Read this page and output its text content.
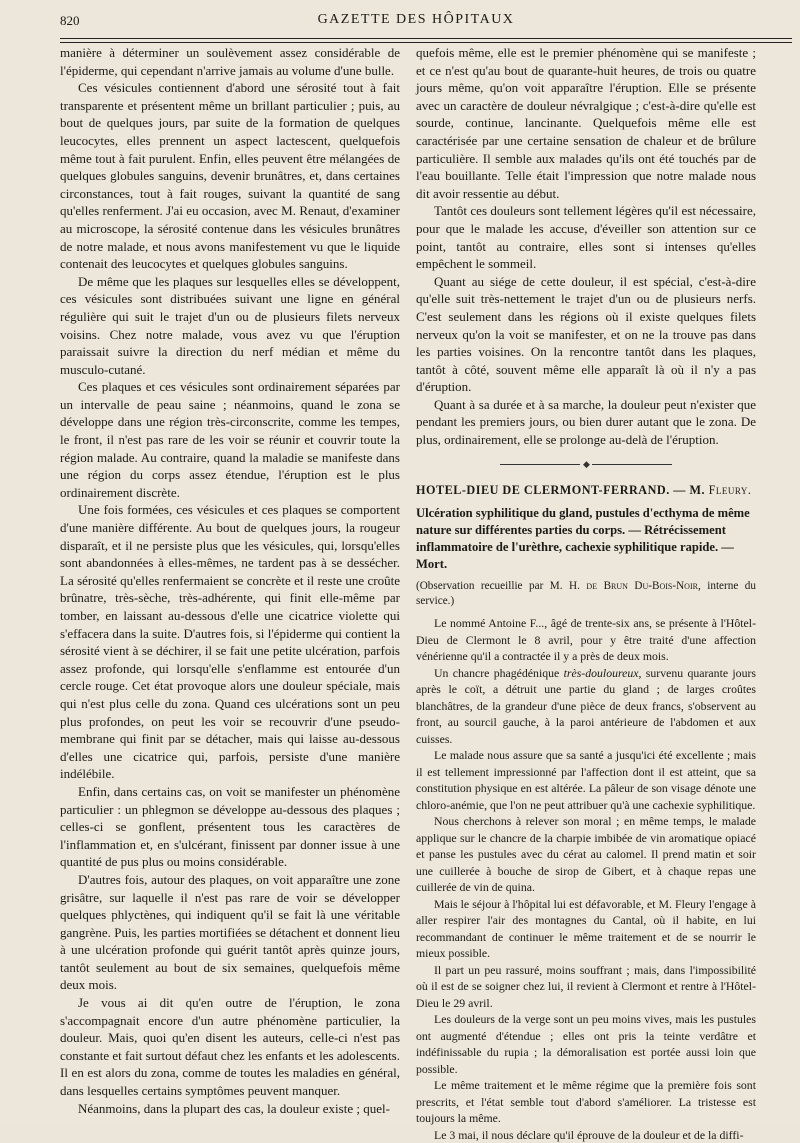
820	GAZETTE DES HÔPITAUX

manière à déterminer un soulèvement assez considérable de l'épiderme, qui cependant n'arrive jamais au volume d'une bulle.

Ces vésicules contiennent d'abord une sérosité tout à fait transparente et présentent même un brillant particulier ; puis, au bout de quelques jours, par suite de la formation de quelques leucocytes, elles prennent un aspect lactescent, quelquefois même tout à fait purulent. Enfin, elles peuvent être mélangées de quelques globules sanguins, devenir brunâtres, et, dans certaines circonstances, tout à fait rouges, suivant la quantité de sang qu'elles renferment. J'ai eu occasion, avec M. Renaut, d'examiner au microscope, la sérosité contenue dans les vésicules brunâtres de notre malade, et nous avons manifestement vu que le liquide contenait des leucocytes et quelques globules sanguins.

De même que les plaques sur lesquelles elles se développent, ces vésicules sont distribuées suivant une ligne en général régulière qui suit le trajet d'un ou de plusieurs filets nerveux voisins. Chez notre malade, vous avez vu que l'éruption paraissait suivre la direction du nerf médian et même du musculo-cutané.

Ces plaques et ces vésicules sont ordinairement séparées par un intervalle de peau saine ; néanmoins, quand le zona se développe dans une région très-circonscrite, comme les tempes, le front, il n'est pas rare de les voir se réunir et couvrir toute la région malade. Au contraire, quand la maladie se manifeste dans une région du corps assez étendue, l'éruption est le plus ordinairement discrète.

Une fois formées, ces vésicules et ces plaques se comportent d'une manière différente. Au bout de quelques jours, la rougeur disparaît, et il ne persiste plus que les vésicules, qui, lorsqu'elles sont abandonnées à elles-mêmes, ne tardent pas à se dessécher. La sérosité qu'elles renfermaient se concrète et il reste une croûte brûnatre, très-sèche, très-adhérente, qui finit elle-même par tomber, en laissant au-dessous d'elle une cicatrice violette qui s'effacera dans la suite. D'autres fois, si l'épiderme qui contient la sérosité vient à se déchirer, il se fait une petite ulcération, parfois assez profonde, qui lorsqu'elle s'enflamme est entourée d'un cercle rouge. Cet état provoque alors une douleur spéciale, mais qui n'est plus celle du zona. Quand ces ulcérations sont un peu plus profondes, on peut les voir se recouvrir d'une pseudo-membrane qui finit par se détacher, mais qui laisse au-dessous d'elles une cicatrice qui, parfois, persiste d'une manière indélébile.

Enfin, dans certains cas, on voit se manifester un phénomène particulier : un phlegmon se développe au-dessous des plaques ; celles-ci se gonflent, présentent tous les caractères de l'inflammation et, en s'ulcérant, finissent par donner issue à une quantité de pus plus ou moins considérable.

D'autres fois, autour des plaques, on voit apparaître une zone grisâtre, sur laquelle il n'est pas rare de voir se développer quelques phlyctènes, qui indiquent qu'il se fait là une véritable gangrène. Puis, les parties mortifiées se détachent et donnent lieu à une ulcération profonde qui guérit tantôt après quinze jours, tantôt seulement au bout de six semaines, quelquefois même deux mois.

Je vous ai dit qu'en outre de l'éruption, le zona s'accompagnait encore d'un autre phénomène particulier, la douleur. Mais, quoi qu'en disent les auteurs, celle-ci n'est pas constante et fait surtout défaut chez les enfants et les adolescents. Il en est alors du zona, comme de toutes les maladies en général, dans lesquelles certains symptômes peuvent manquer.

Néanmoins, dans la plupart des cas, la douleur existe ; quel-

quefois même, elle est le premier phénomène qui se manifeste ; et ce n'est qu'au bout de quarante-huit heures, de trois ou quatre jours même, qu'on voit apparaître l'éruption. Elle se présente avec un caractère de douleur névralgique ; c'est-à-dire qu'elle est sourde, continue, lancinante. Quelquefois même elle est caractérisée par une certaine sensation de chaleur et de brûlure particulière. Il semble aux malades qu'ils ont été touchés par de l'eau bouillante. Telle était l'impression que notre malade nous dit avoir ressentie au début.

Tantôt ces douleurs sont tellement légères qu'il est nécessaire, pour que le malade les accuse, d'éveiller son attention sur ce point, tantôt au contraire, elles sont si intenses qu'elles empêchent le sommeil.

Quant au siége de cette douleur, il est spécial, c'est-à-dire qu'elle suit très-nettement le trajet d'un ou de plusieurs nerfs. C'est seulement dans les régions où il existe quelques filets nerveux qu'on la voit se manifester, et on ne la trouve pas dans les parties voisines. On la rencontre tantôt dans les plaques, tantôt à côté, souvent même elle apparaît là où il n'y a pas d'éruption.

Quant à sa durée et à sa marche, la douleur peut n'exister que pendant les premiers jours, ou bien durer autant que le zona. De plus, ordinairement, elle se prolonge au-delà de l'éruption.

◆

HOTEL-DIEU DE CLERMONT-FERRAND. — M. Fleury.

Ulcération syphilitique du gland, pustules d'ecthyma de même nature sur différentes parties du corps. — Rétrécissement inflammatoire de l'urèthre, cachexie syphilitique rapide. — Mort.

(Observation recueillie par M. H. de Brun Du-Bois-Noir, interne du service.)

Le nommé Antoine F..., âgé de trente-six ans, se présente à l'Hôtel-Dieu de Clermont le 8 avril, pour y être traité d'une affection vénérienne qu'il a contractée il y a près de deux mois.

Un chancre phagédénique très-douloureux, survenu quarante jours après le coït, a détruit une partie du gland ; de larges croûtes blanchâtres, de la grandeur d'une pièce de deux francs, s'observent au front, au sourcil gauche, à la paroi antérieure de l'abdomen et aux cuisses.

Le malade nous assure que sa santé a jusqu'ici été excellente ; mais il est tellement impressionné par l'affection dont il est atteint, que sa constitution physique en est altérée. La pâleur de son visage dénote une chloro-anémie, que l'on ne peut attribuer qu'à une cachexie syphilitique.

Nous cherchons à relever son moral ; en même temps, le malade applique sur le chancre de la charpie imbibée de vin aromatique opiacé et panse les pustules avec du cérat au calomel. Il prend matin et soir une cuillerée à bouche de sirop de Gibert, et à chaque repas une cuillerée de vin de quina.

Mais le séjour à l'hôpital lui est défavorable, et M. Fleury l'engage à aller respirer l'air des montagnes du Cantal, où il habite, en lui recommandant de continuer le même traitement et de se nourrir le mieux possible.

Il part un peu rassuré, moins souffrant ; mais, dans l'impossibilité où il est de se soigner chez lui, il revient à Clermont et rentre à l'Hôtel-Dieu le 29 avril.

Les douleurs de la verge sont un peu moins vives, mais les pustules ont augmenté d'étendue ; elles ont pris la teinte verdâtre et indéfinissable du rupia ; la démoralisation est portée aussi loin que possible.

Le même traitement et le même régime que la première fois sont prescrits, et l'état semble tout d'abord s'améliorer. La tristesse est toujours la même.

Le 3 mai, il nous déclare qu'il éprouve de la douleur et de la diffi-
